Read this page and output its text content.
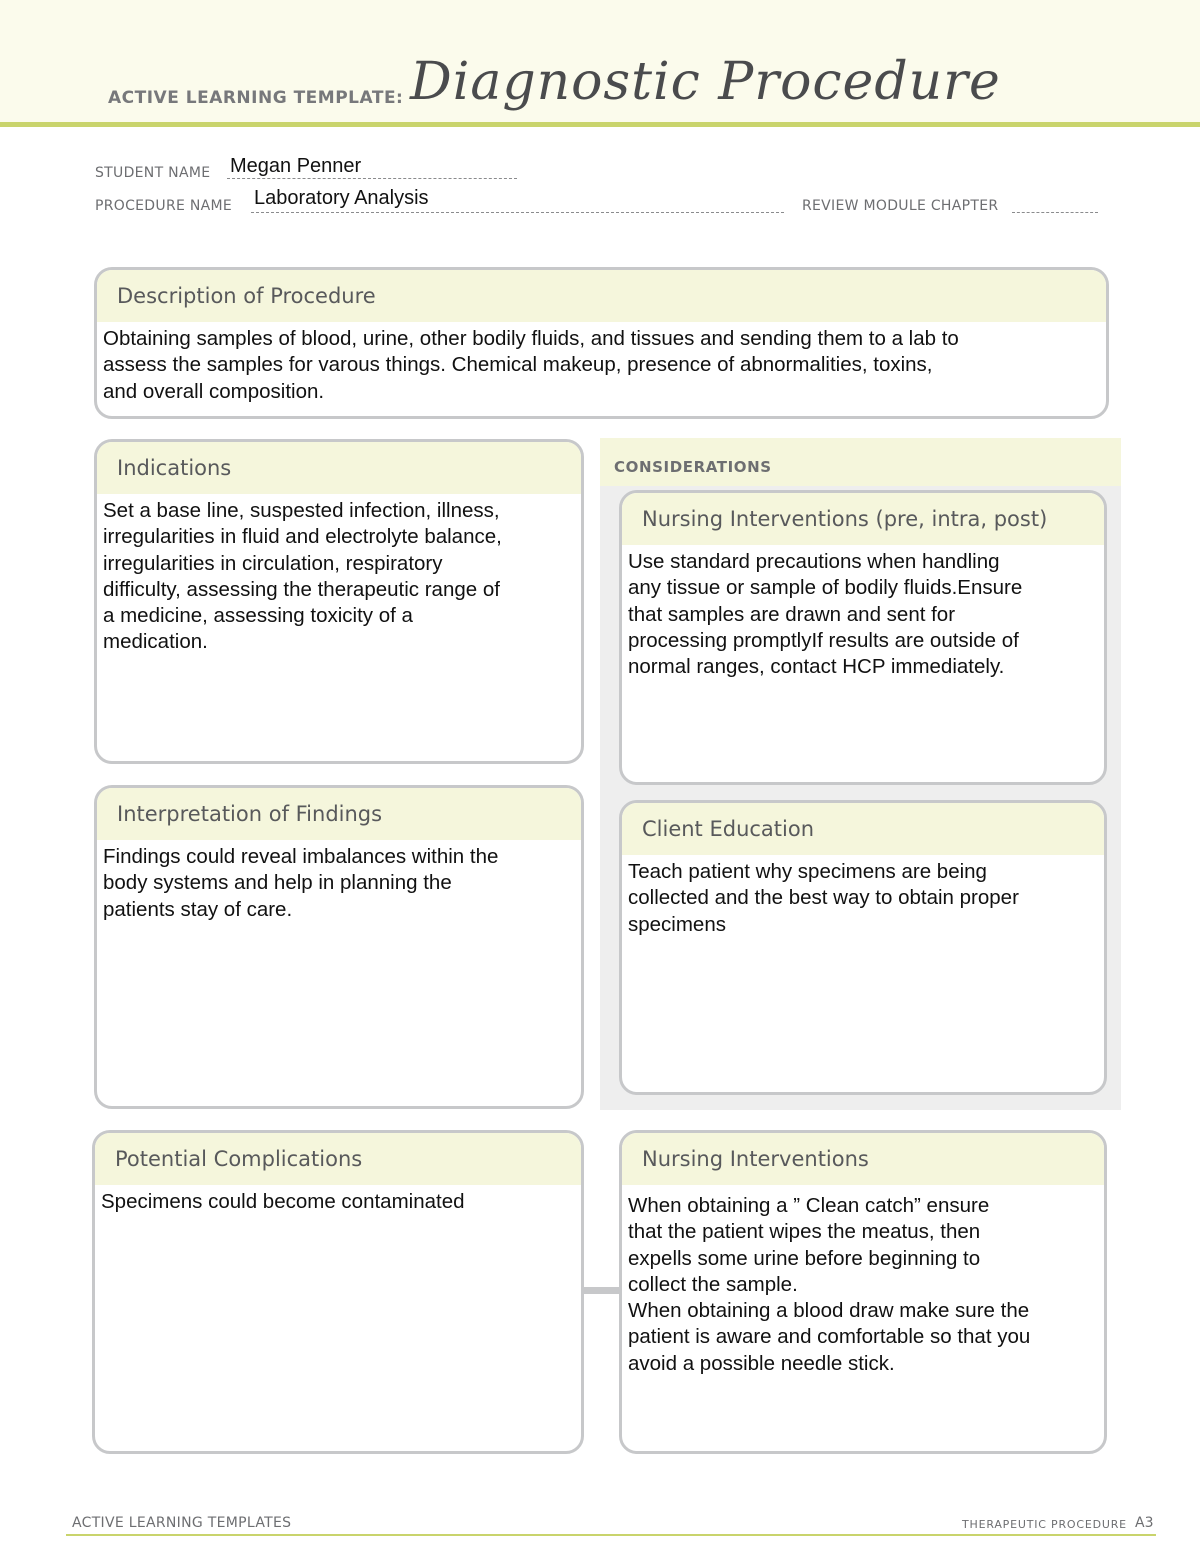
ACTIVE LEARNING TEMPLATE: Diagnostic Procedure
STUDENT NAME Megan Penner
PROCEDURE NAME Laboratory Analysis	REVIEW MODULE CHAPTER
Description of Procedure
Obtaining samples of blood, urine, other bodily fluids, and tissues and sending them to a lab to
assess the samples for varous things. Chemical makeup, presence of abnormalities, toxins,
and overall composition.
Indications
Set a base line, suspested infection, illness,
irregularities in fluid and electrolyte balance,
irregularities in circulation, respiratory
difficulty, assessing the therapeutic range of
a medicine, assessing toxicity of a
medication.
CONSIDERATIONS
Nursing Interventions (pre, intra, post)
Use standard precautions when handling
any tissue or sample of bodily fluids.Ensure
that samples are drawn and sent for
processing promptlyIf results are outside of
normal ranges, contact HCP immediately.
Interpretation of Findings
Findings could reveal imbalances within the
body systems and help in planning the
patients stay of care.
Client Education
Teach patient why specimens are being
collected and the best way to obtain proper
specimens
Potential Complications
Specimens could become contaminated
Nursing Interventions
When obtaining a ” Clean catch” ensure
that the patient wipes the meatus, then
expells some urine before beginning to
collect the sample.
When obtaining a blood draw make sure the
patient is aware and comfortable so that you
avoid a possible needle stick.
ACTIVE LEARNING TEMPLATES	THERAPEUTIC PROCEDURE A3
